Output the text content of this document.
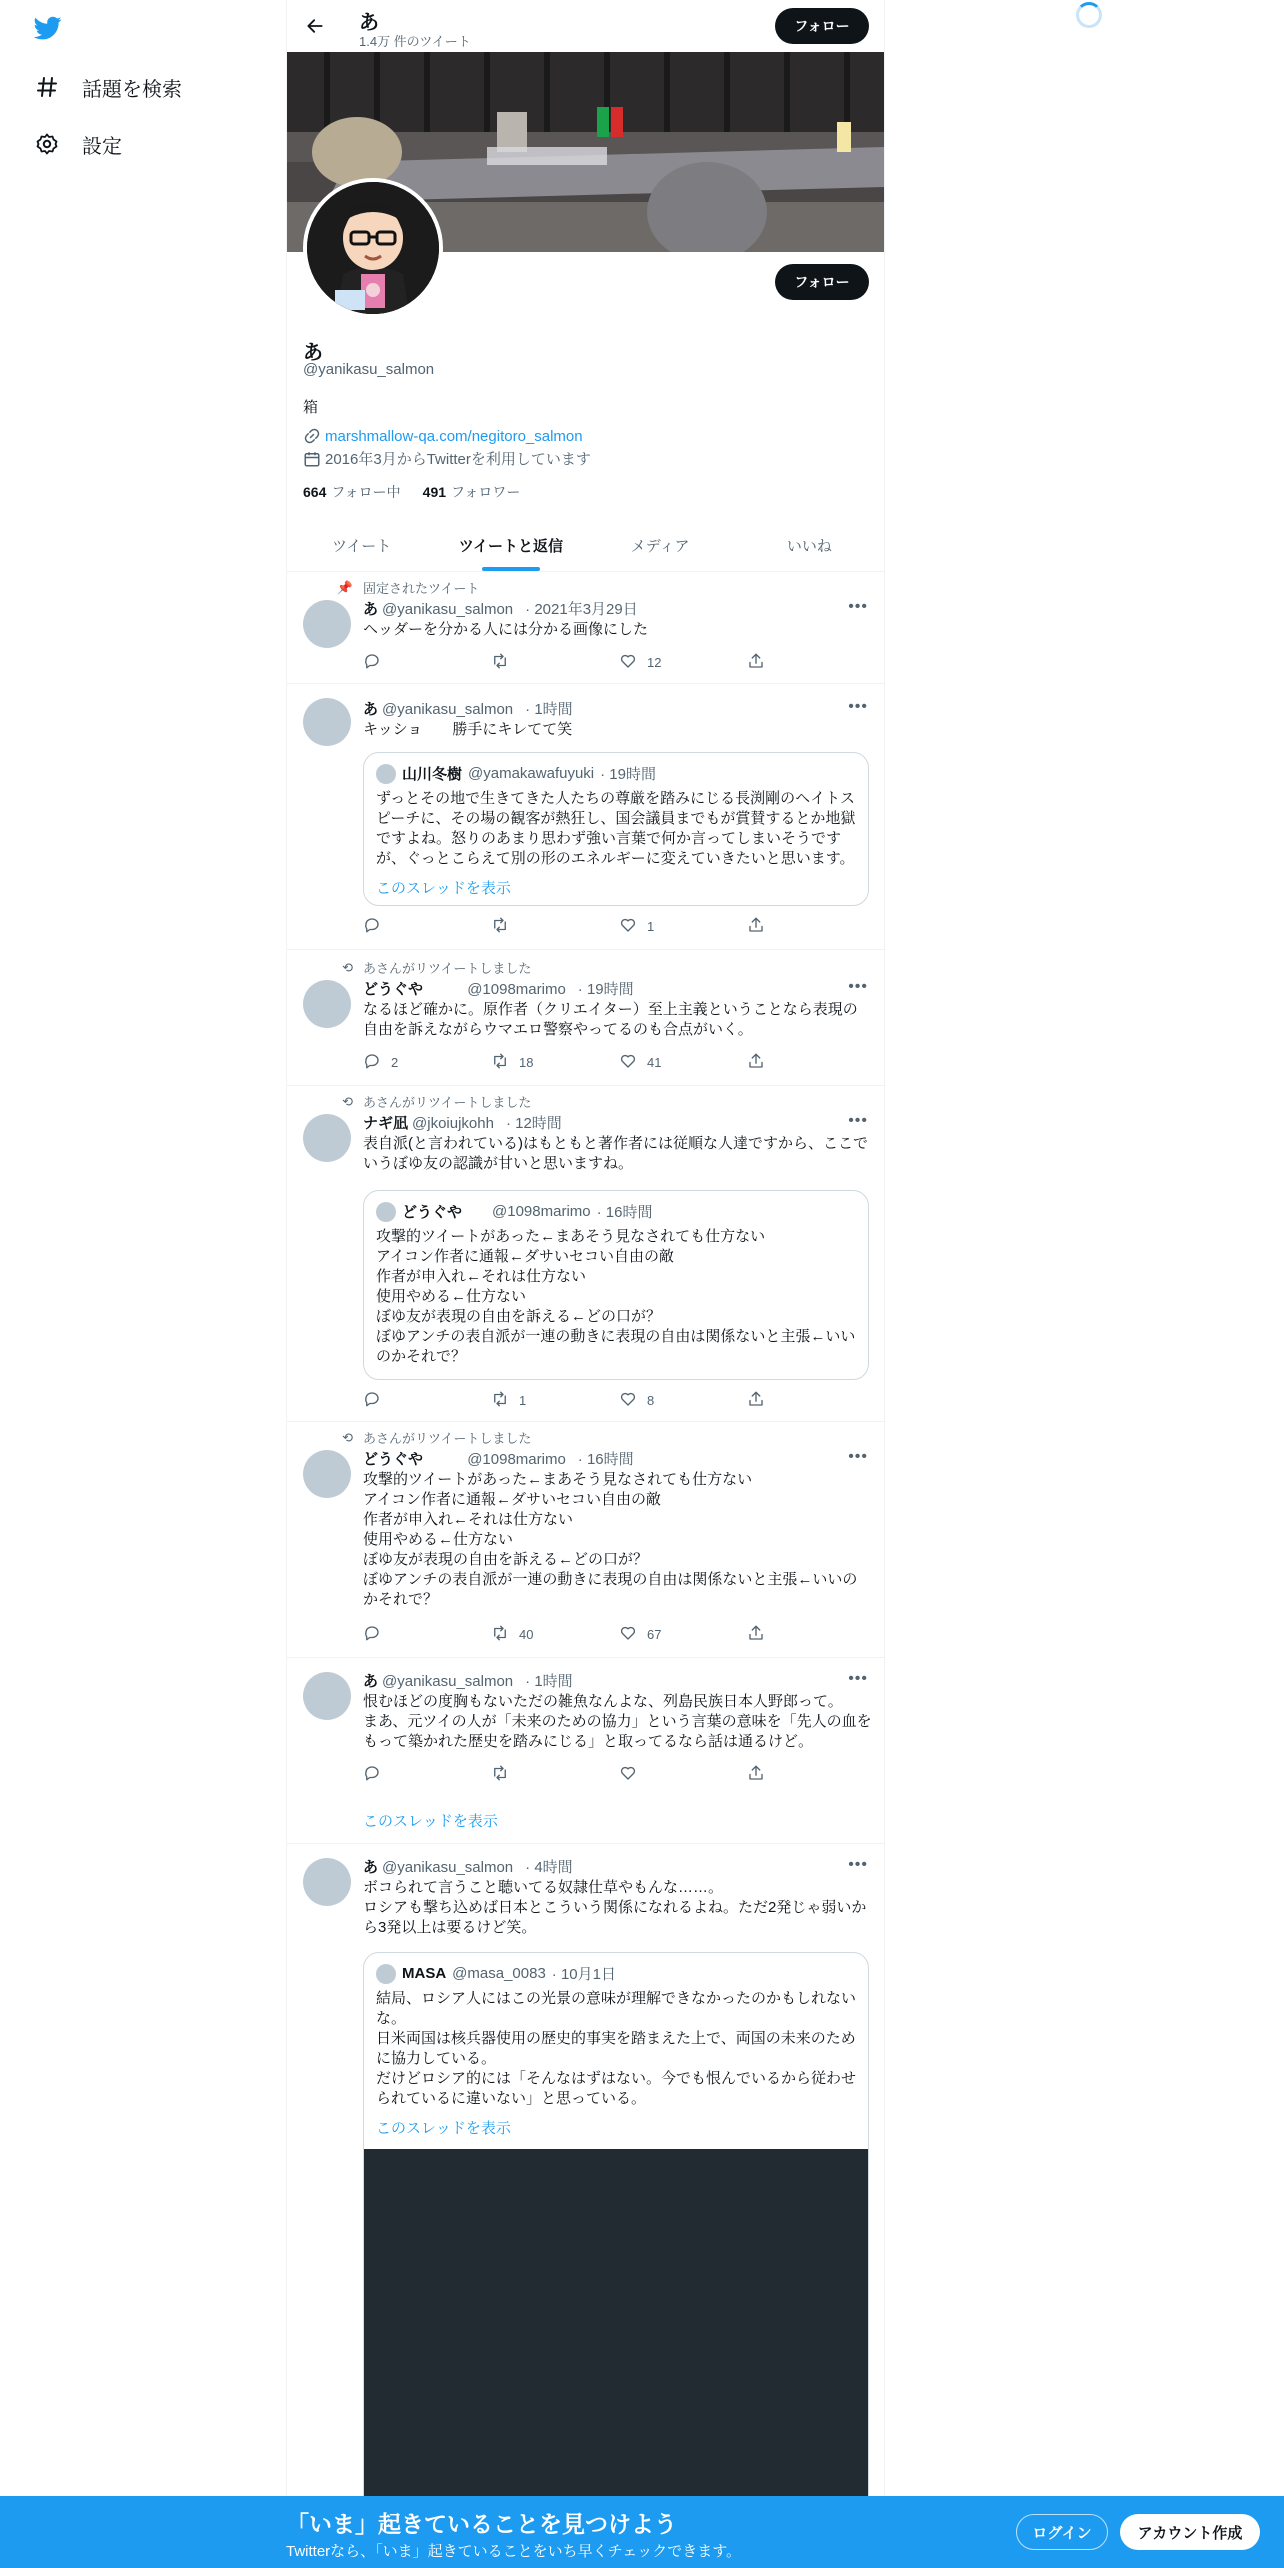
話題を検索
設定
あ
1.4万 件のツイート
フォロー
フォロー
あ
@yanikasu_salmon
箱
marshmallow-qa.com/negitoro_salmon
2016年3月からTwitterを利用しています
664 フォロー中 491 フォロワー
ツイート	ツイートと返信	メディア	いいね
📌 固定されたツイート
あ @yanikasu_salmon · 2021年3月29日	•••
ヘッダーを分かる人には分かる画像にした
12
あ @yanikasu_salmon · 1時間	•••
キッショ　　勝手にキレてて笑
山川冬樹 @yamakawafuyuki · 19時間
ずっとその地で生きてきた人たちの尊厳を踏みにじる長渕剛のヘイトスピーチに、その場の観客が熱狂し、国会議員までもが賞賛するとか地獄ですよね。怒りのあまり思わず強い言葉で何か言ってしまいそうですが、ぐっとこらえて別の形のエネルギーに変えていきたいと思います。
このスレッドを表示
1
⟲ あさんがリツイートしました
どうぐや	@1098marimo · 19時間	•••
なるほど確かに。原作者（クリエイター）至上主義ということなら表現の自由を訴えながらウマエロ警察やってるのも合点がいく。
2	18	41
⟲ あさんがリツイートしました
ナギ凪 @jkoiujkohh · 12時間	•••
表自派(と言われている)はもともと著作者には従順な人達ですから、ここでいうぼゆ友の認識が甘いと思いますね。
どうぐや @1098marimo · 16時間
攻撃的ツイートがあった←まあそう見なされても仕方ない
アイコン作者に通報←ダサいセコい自由の敵
作者が申入れ←それは仕方ない
使用やめる←仕方ない
ぼゆ友が表現の自由を訴える←どの口が？
ぼゆアンチの表自派が一連の動きに表現の自由は関係ないと主張←いいのかそれで？
1	8
⟲ あさんがリツイートしました
どうぐや	@1098marimo · 16時間	•••
攻撃的ツイートがあった←まあそう見なされても仕方ない
アイコン作者に通報←ダサいセコい自由の敵
作者が申入れ←それは仕方ない
使用やめる←仕方ない
ぼゆ友が表現の自由を訴える←どの口が？
ぼゆアンチの表自派が一連の動きに表現の自由は関係ないと主張←いいのかそれで？
40	67
あ @yanikasu_salmon · 1時間	•••
恨むほどの度胸もないただの雑魚なんよな、列島民族日本人野郎って。
まあ、元ツイの人が「未来のための協力」という言葉の意味を「先人の血をもって築かれた歴史を踏みにじる」と取ってるなら話は通るけど。
このスレッドを表示
あ @yanikasu_salmon · 4時間	•••
ボコられて言うこと聴いてる奴隷仕草やもんな……。
ロシアも撃ち込めば日本とこういう関係になれるよね。ただ2発じゃ弱いから3発以上は要るけど笑。
MASA @masa_0083 · 10月1日
結局、ロシア人にはこの光景の意味が理解できなかったのかもしれないな。
日米両国は核兵器使用の歴史的事実を踏まえた上で、両国の未来のために協力している。
だけどロシア的には「そんなはずはない。今でも恨んでいるから従わせられているに違いない」と思っている。
このスレッドを表示
「いま」起きていることを見つけよう
Twitterなら、「いま」起きていることをいち早くチェックできます。
ログイン	アカウント作成
